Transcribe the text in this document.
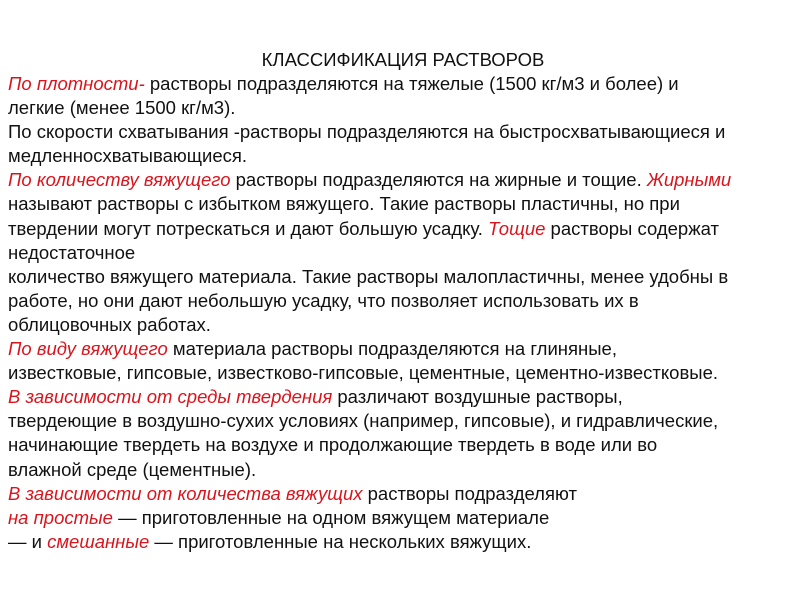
КЛАССИФИКАЦИЯ РАСТВОРОВ

По плотности- растворы подразделяются на тяжелые (1500 кг/м3 и более) и
легкие (менее 1500 кг/м3).

По скорости схватывания -растворы подразделяются на быстросхватывающиеся и
медленносхватывающиеся.

По количеству вяжущего растворы подразделяются на жирные и тощие. Жирными
называют растворы с избытком вяжущего. Такие растворы пластичны, но при
твердении могут потрескаться и дают большую усадку. Тощие растворы содержат
недостаточное
количество вяжущего материала. Такие растворы малопластичны, менее удобны в
работе, но они дают небольшую усадку, что позволяет использовать их в
облицовочных работах.

По виду вяжущего материала растворы подразделяются на глиняные,
известковые, гипсовые, известково-гипсовые, цементные, цементно-известковые.

В зависимости от среды твердения различают воздушные растворы,
твердеющие в воздушно-сухих условиях (например, гипсовые), и гидравлические,
начинающие твердеть на воздухе и продолжающие твердеть в воде или во
влажной среде (цементные).

В зависимости от количества вяжущих растворы подразделяют
на простые — приготовленные на одном вяжущем материале
— и смешанные — приготовленные на нескольких вяжущих.
